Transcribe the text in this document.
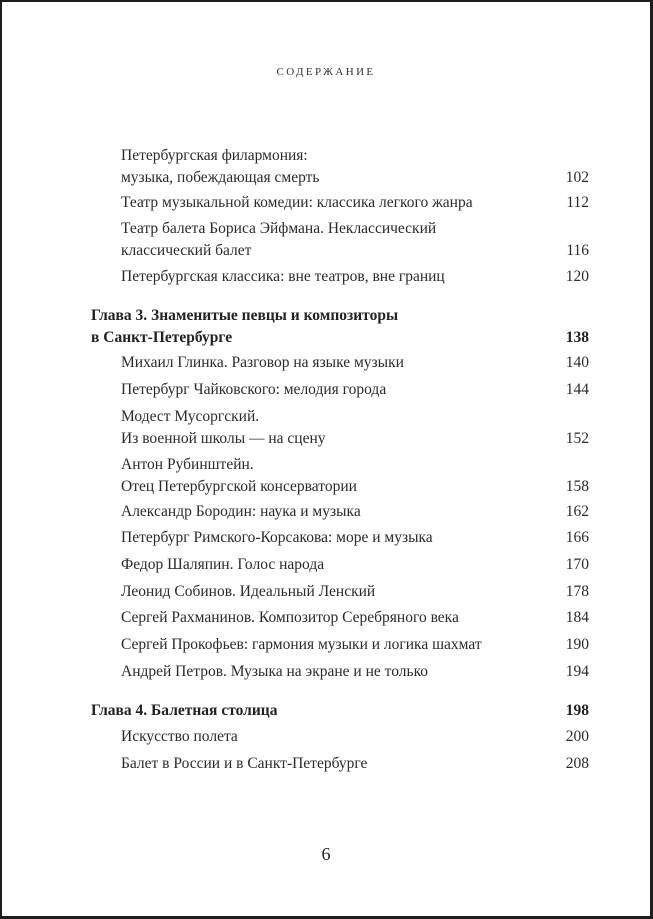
СОДЕРЖАНИЕ
Петербургская филармония:
музыка, побеждающая смерть	102
Театр музыкальной комедии: классика легкого жанра	112
Театр балета Бориса Эйфмана. Неклассический
классический балет	116
Петербургская классика: вне театров, вне границ	120
Глава 3. Знаменитые певцы и композиторы
в Санкт-Петербурге	138
Михаил Глинка. Разговор на языке музыки	140
Петербург Чайковского: мелодия города	144
Модест Мусоргский.
Из военной школы — на сцену	152
Антон Рубинштейн.
Отец Петербургской консерватории	158
Александр Бородин: наука и музыка	162
Петербург Римского-Корсакова: море и музыка	166
Федор Шаляпин. Голос народа	170
Леонид Собинов. Идеальный Ленский	178
Сергей Рахманинов. Композитор Серебряного века	184
Сергей Прокофьев: гармония музыки и логика шахмат	190
Андрей Петров. Музыка на экране и не только	194
Глава 4. Балетная столица	198
Искусство полета	200
Балет в России и в Санкт-Петербурге	208
6
